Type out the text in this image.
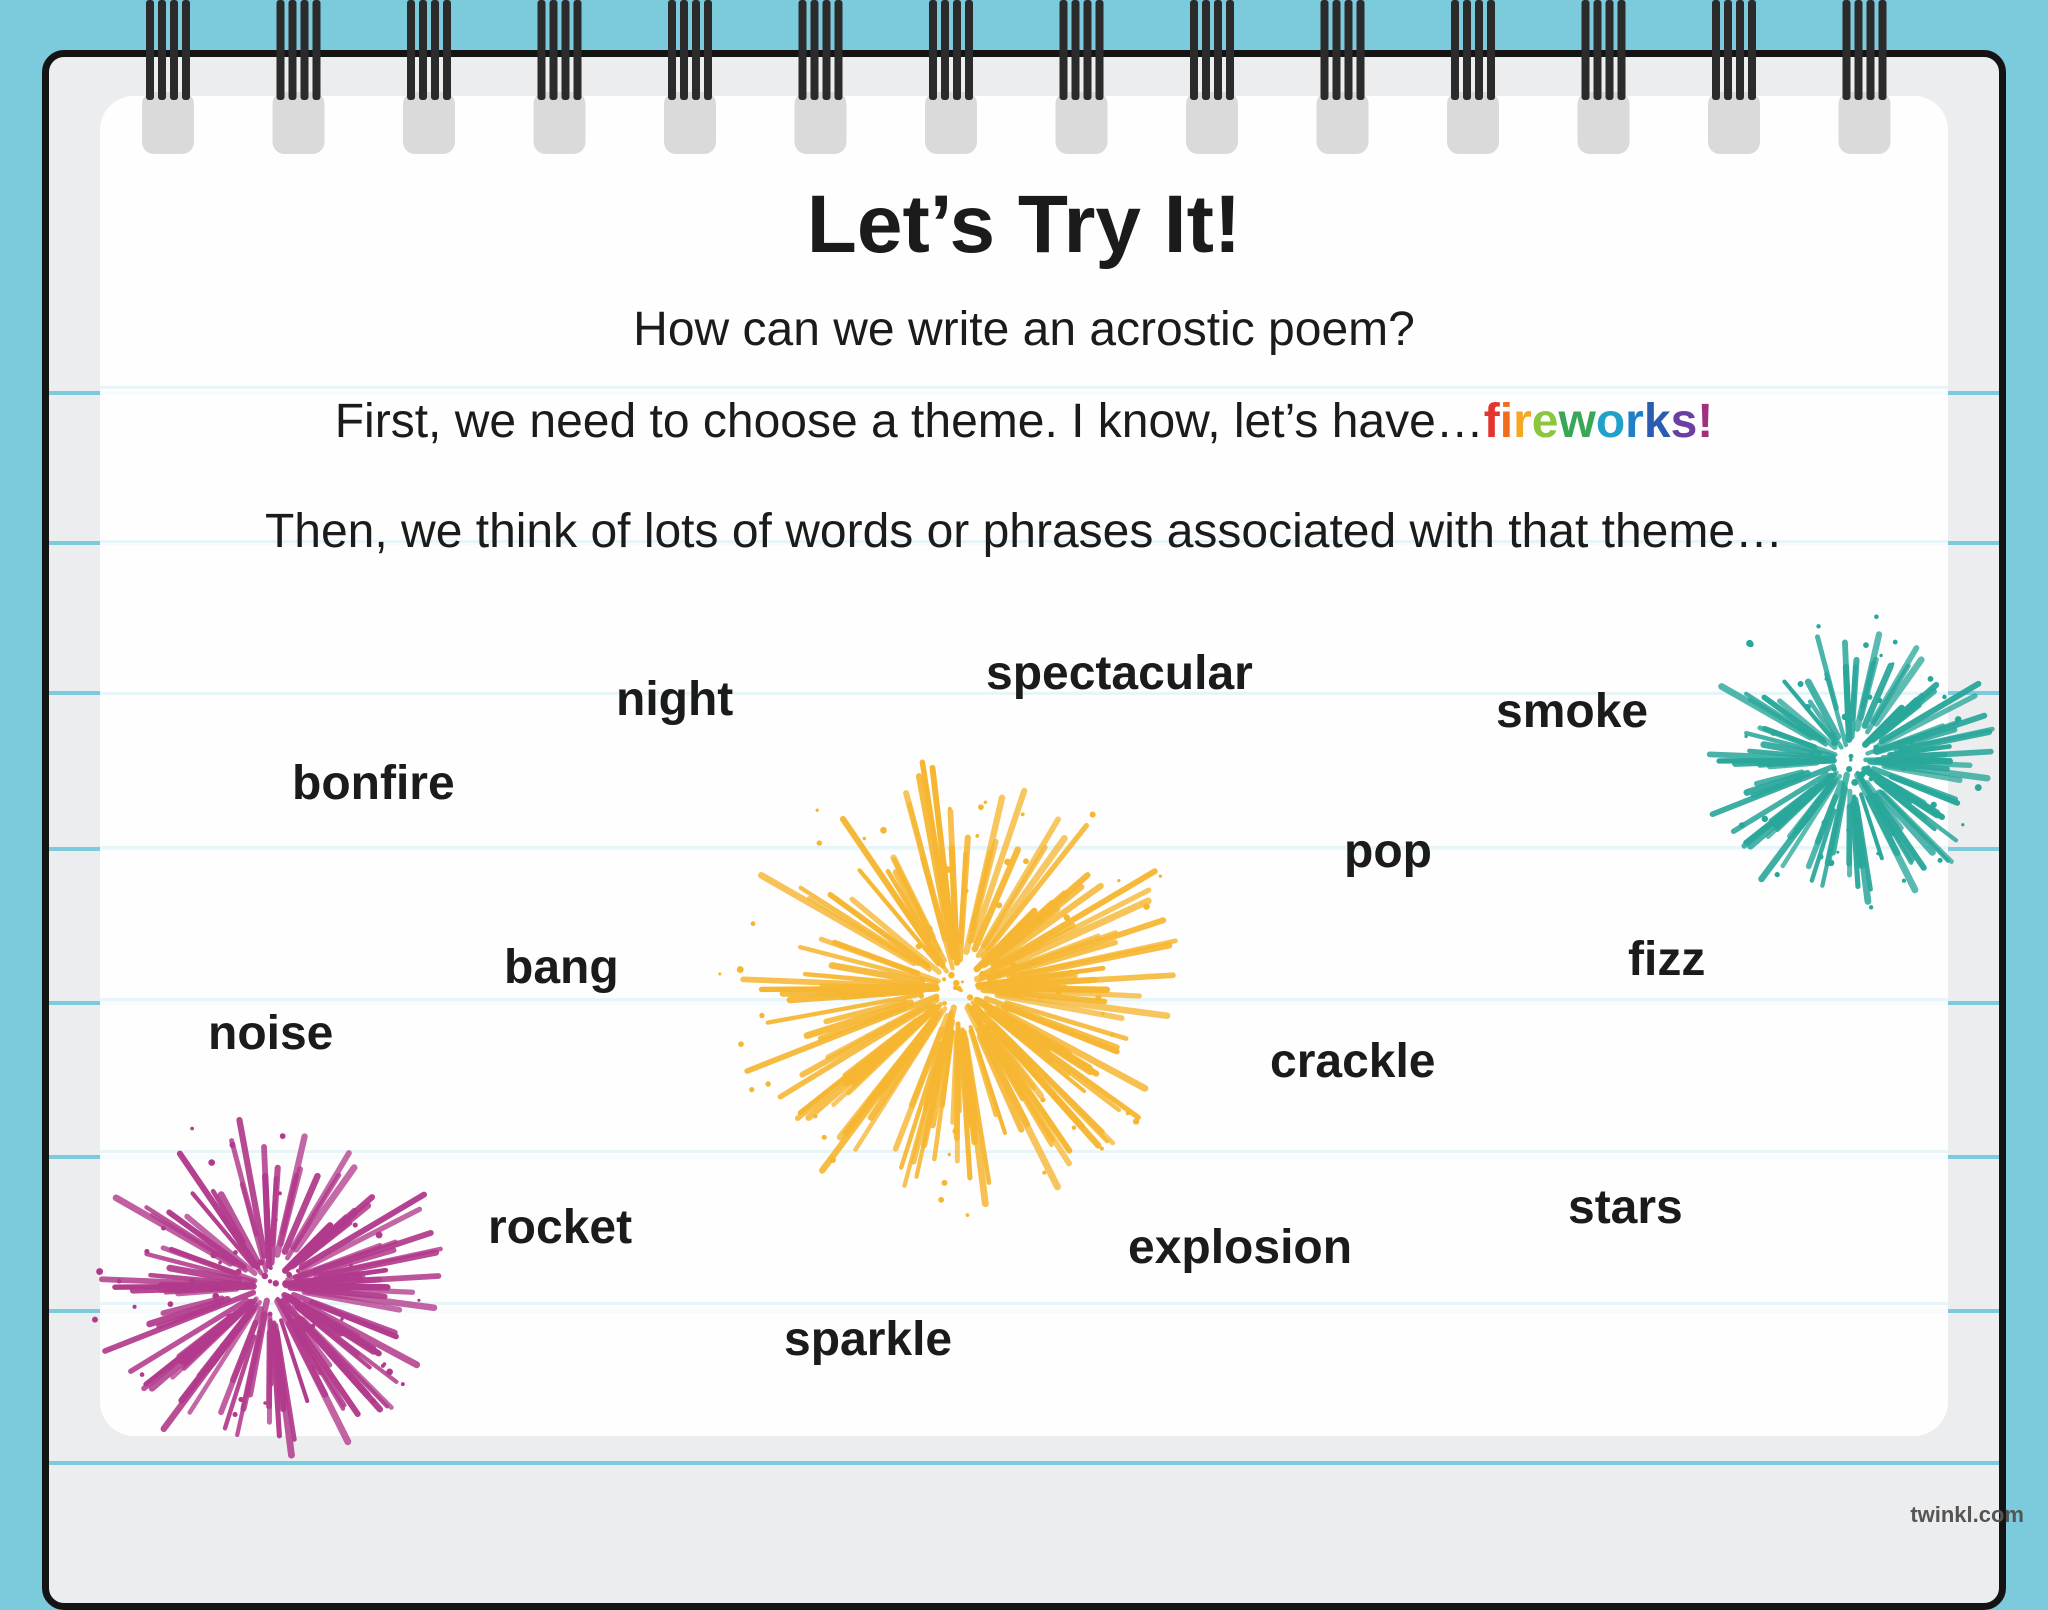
Let’s Try It!
How can we write an acrostic poem?
First, we need to choose a theme. I know, let’s have…fireworks!
Then, we think of lots of words or phrases associated with that theme…
night	spectacular
smoke
bonfire
pop
bang	fizz
noise
crackle
stars
rocket	explosion
sparkle
twinkl.com
